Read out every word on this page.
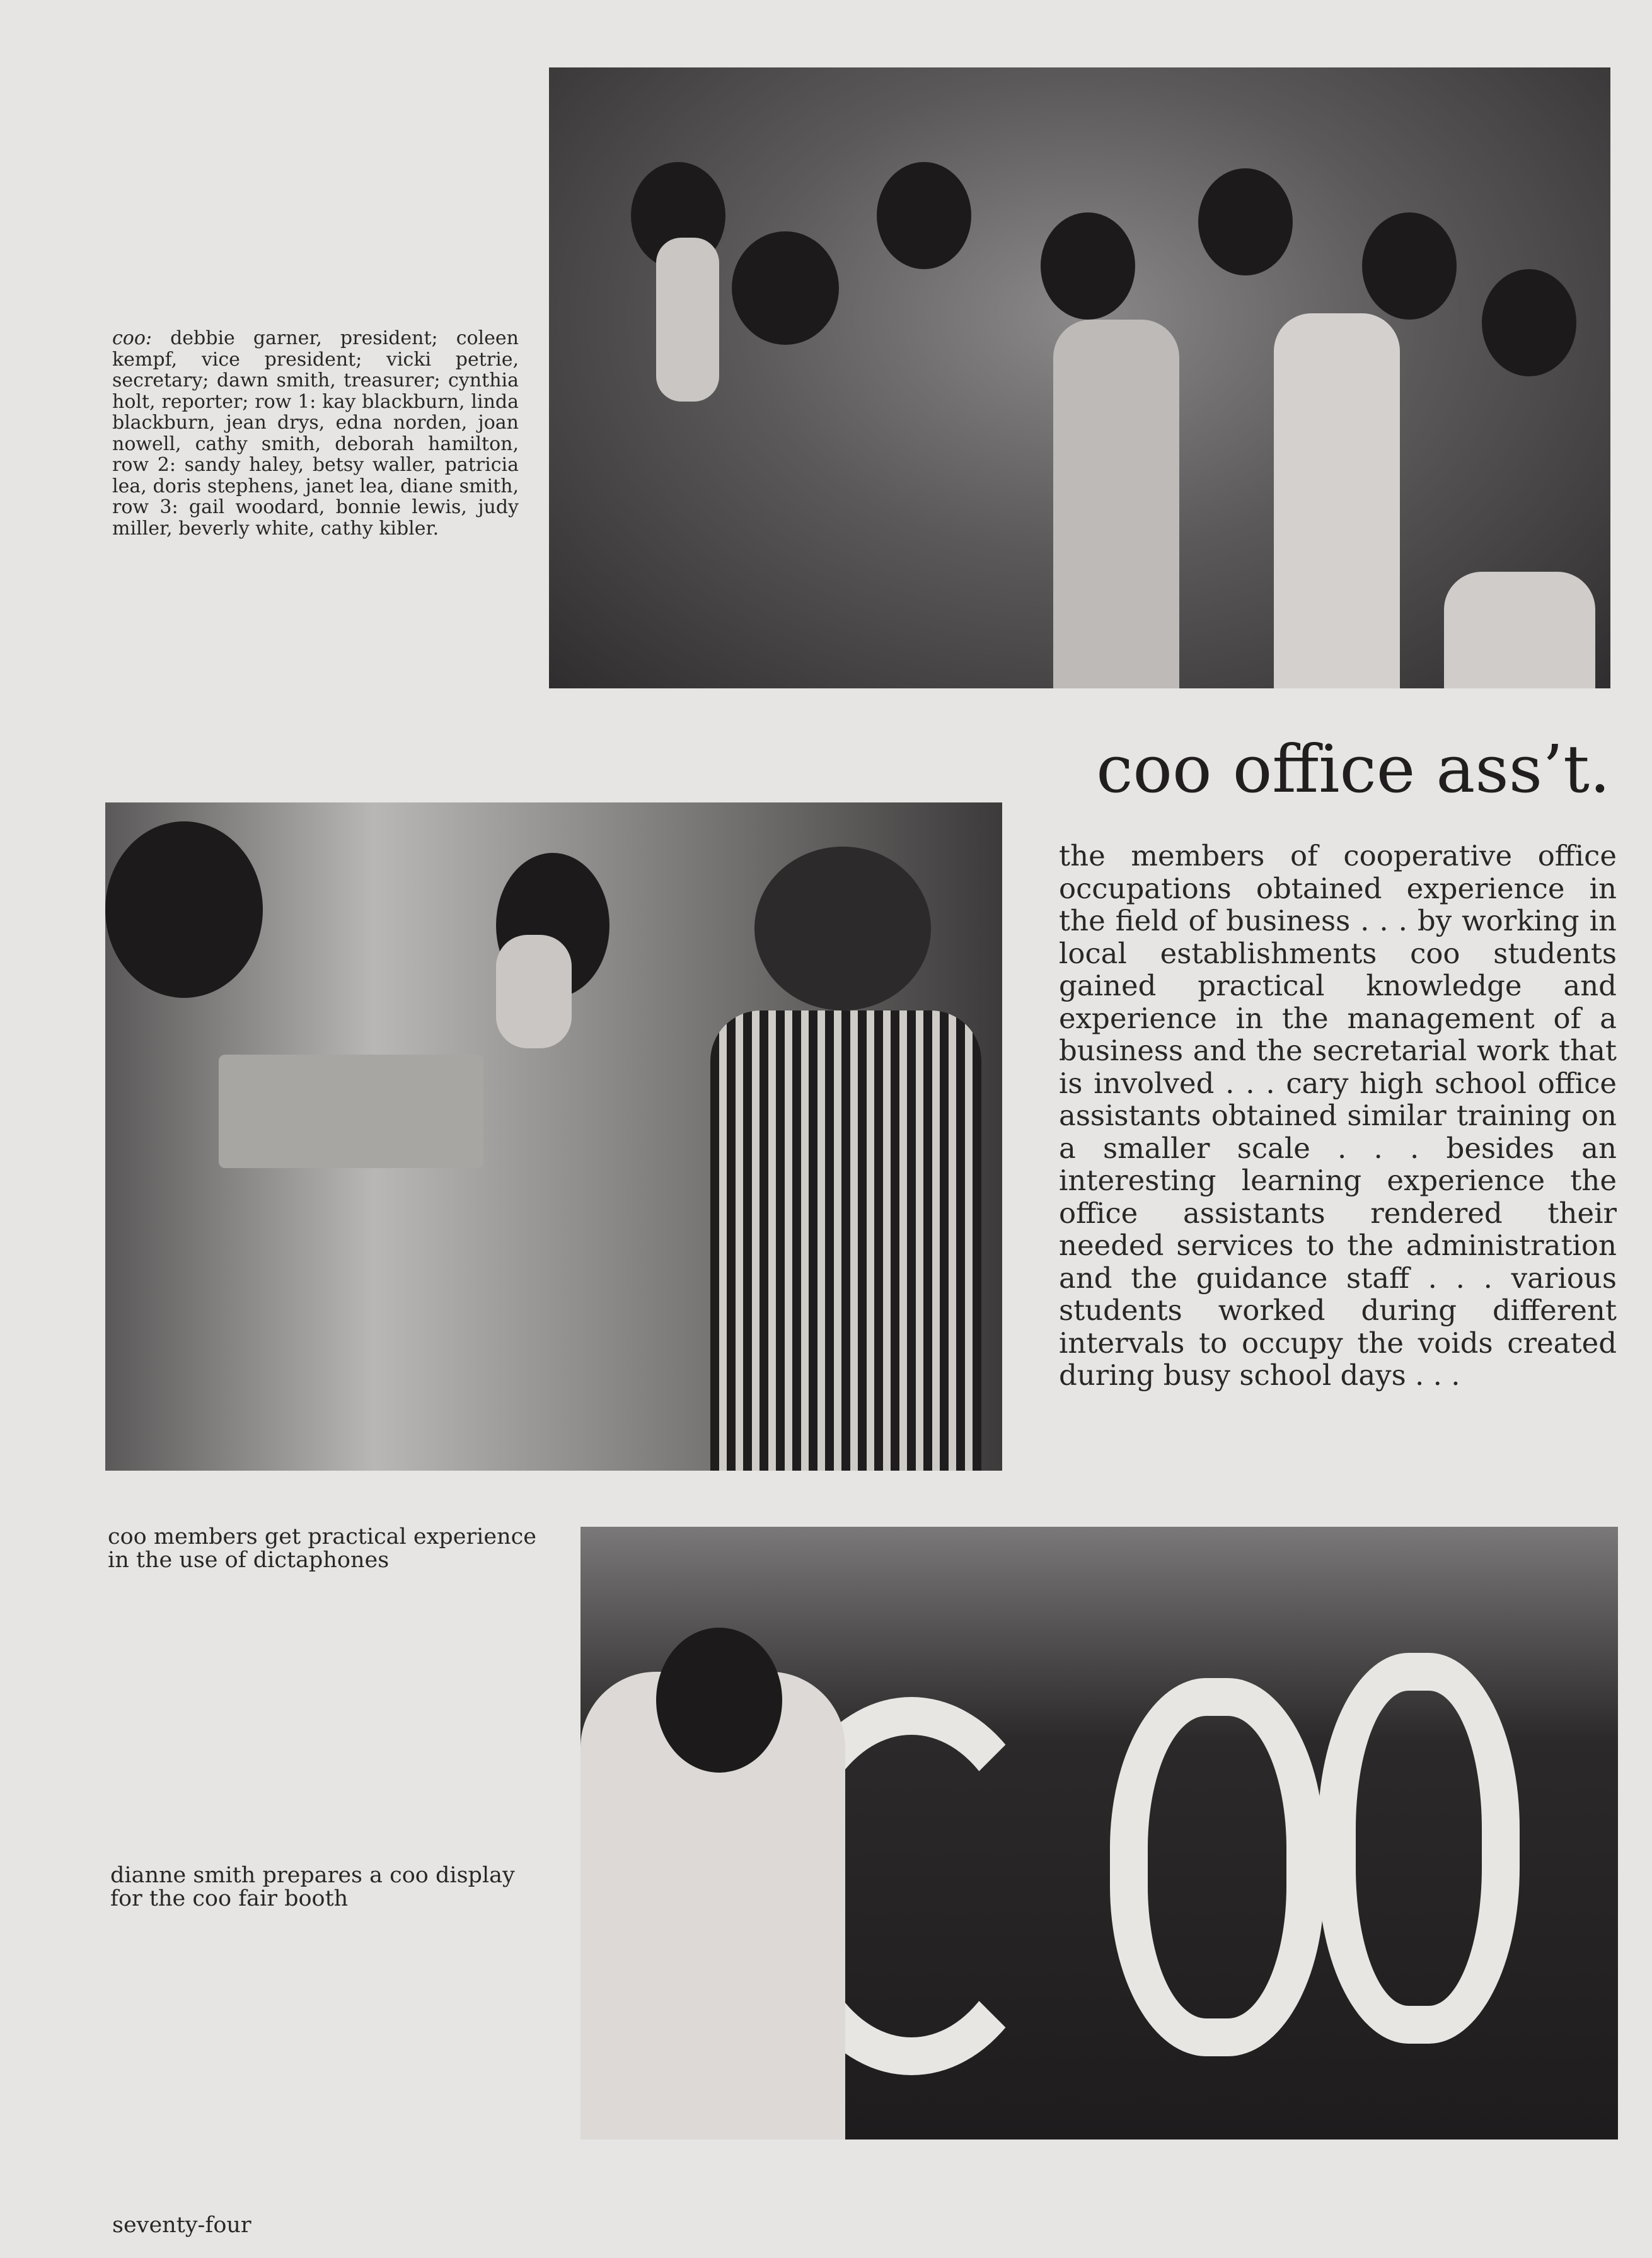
coo: debbie garner, president; coleen kempf, vice president; vicki petrie, secretary; dawn smith, treasurer; cynthia holt, reporter; row 1: kay blackburn, linda blackburn, jean drys, edna norden, joan nowell, cathy smith, deborah hamilton, row 2: sandy haley, betsy waller, patricia lea, doris stephens, janet lea, diane smith, row 3: gail woodard, bonnie lewis, judy miller, beverly white, cathy kibler.
coo office ass’t.
the members of cooperative office occupations obtained experience in the field of business . . . by working in local establishments coo students gained practical knowledge and experience in the management of a business and the secretarial work that is involved . . . cary high school office assistants obtained similar training on a smaller scale . . . besides an interesting learning experience the office assistants rendered their needed services to the administration and the guidance staff . . . various students worked during different intervals to occupy the voids created during busy school days . . .
coo members get practical experience in the use of dictaphones
dianne smith prepares a coo display for the coo fair booth
seventy-four
